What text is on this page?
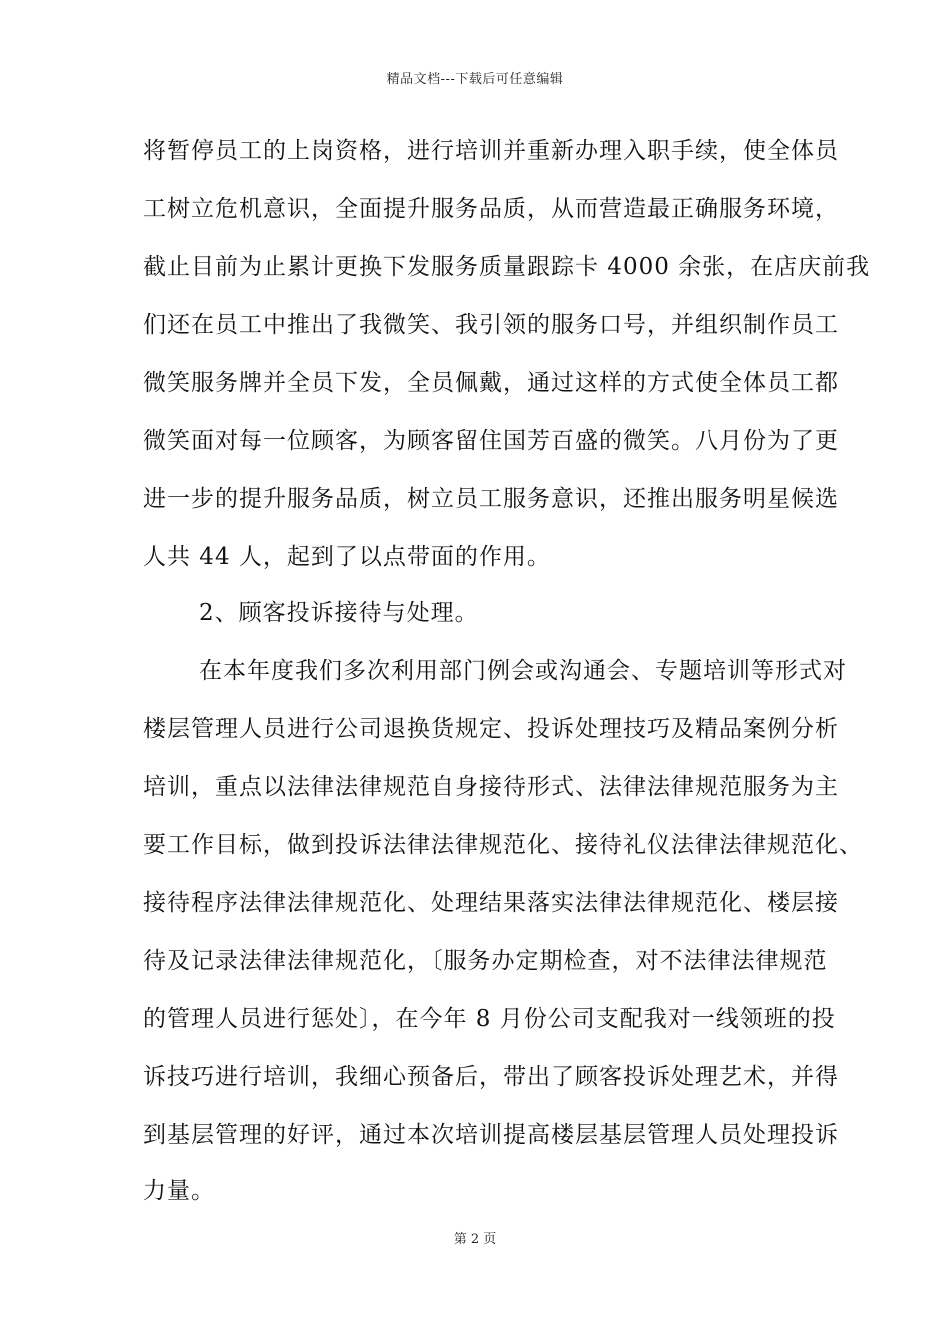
精品文档---下载后可任意编辑
将暂停员工的上岗资格，进行培训并重新办理入职手续，使全体员
工树立危机意识，全面提升服务品质，从而营造最正确服务环境，
截止目前为止累计更换下发服务质量跟踪卡 4000 余张，在店庆前我
们还在员工中推出了我微笑、我引领的服务口号，并组织制作员工
微笑服务牌并全员下发，全员佩戴，通过这样的方式使全体员工都
微笑面对每一位顾客，为顾客留住国芳百盛的微笑。八月份为了更
进一步的提升服务品质，树立员工服务意识，还推出服务明星候选
人共 44 人，起到了以点带面的作用。
2、顾客投诉接待与处理。
在本年度我们多次利用部门例会或沟通会、专题培训等形式对
楼层管理人员进行公司退换货规定、投诉处理技巧及精品案例分析
培训，重点以法律法律规范自身接待形式、法律法律规范服务为主
要工作目标，做到投诉法律法律规范化、接待礼仪法律法律规范化、
接待程序法律法律规范化、处理结果落实法律法律规范化、楼层接
待及记录法律法律规范化，〔服务办定期检查，对不法律法律规范
的管理人员进行惩处〕，在今年 8 月份公司支配我对一线领班的投
诉技巧进行培训，我细心预备后，带出了顾客投诉处理艺术，并得
到基层管理的好评，通过本次培训提高楼层基层管理人员处理投诉
力量。
第 2 页
